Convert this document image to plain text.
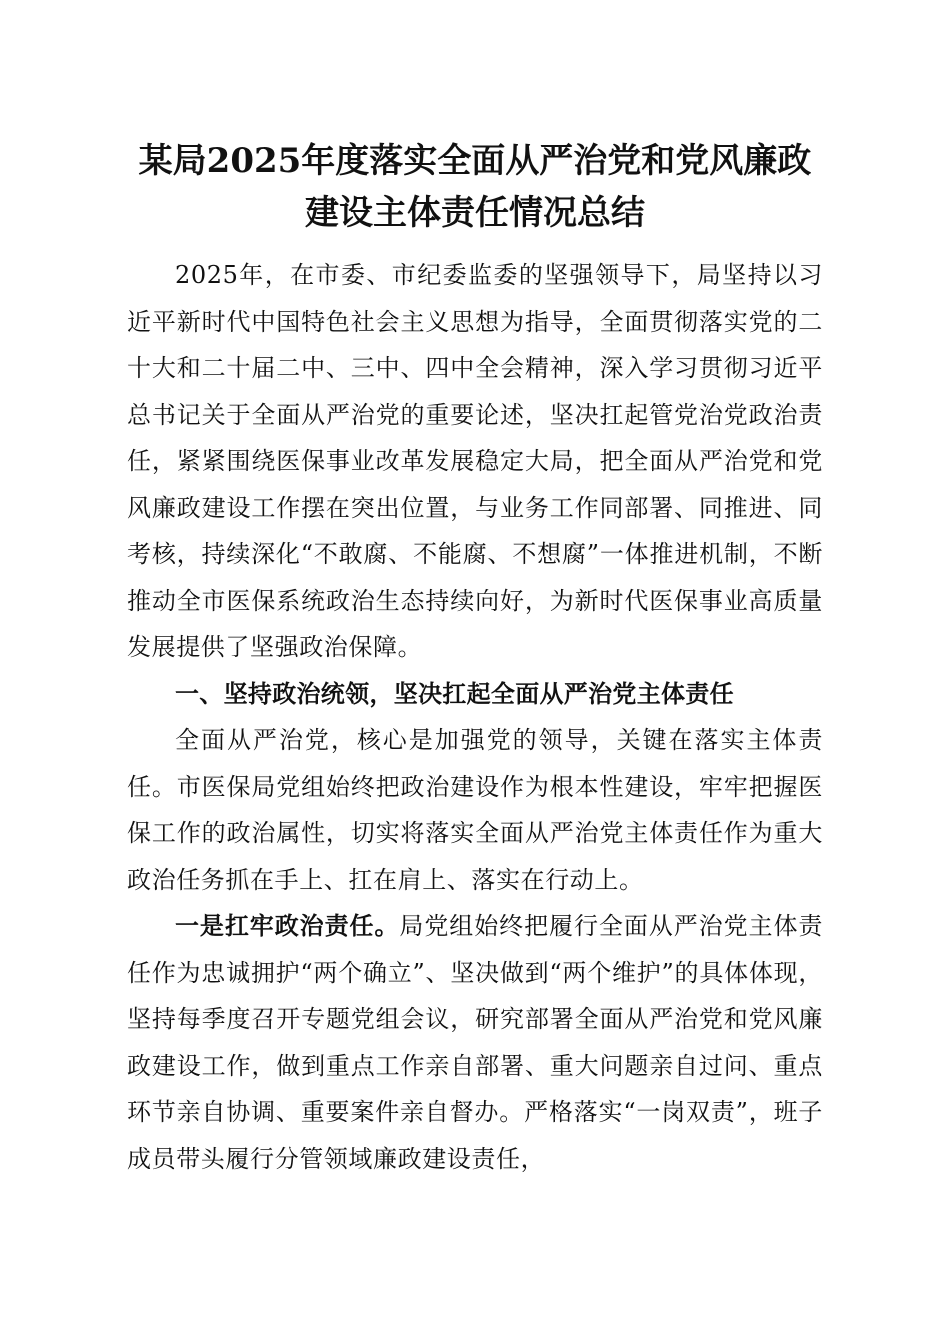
某局2025年度落实全面从严治党和党风廉政
建设主体责任情况总结

2025年，在市委、市纪委监委的坚强领导下，局坚持以习近平新时代中国特色社会主义思想为指导，全面贯彻落实党的二十大和二十届二中、三中、四中全会精神，深入学习贯彻习近平总书记关于全面从严治党的重要论述，坚决扛起管党治党政治责任，紧紧围绕医保事业改革发展稳定大局，把全面从严治党和党风廉政建设工作摆在突出位置，与业务工作同部署、同推进、同考核，持续深化“不敢腐、不能腐、不想腐”一体推进机制，不断推动全市医保系统政治生态持续向好，为新时代医保事业高质量发展提供了坚强政治保障。

一、坚持政治统领，坚决扛起全面从严治党主体责任

全面从严治党，核心是加强党的领导，关键在落实主体责任。市医保局党组始终把政治建设作为根本性建设，牢牢把握医保工作的政治属性，切实将落实全面从严治党主体责任作为重大政治任务抓在手上、扛在肩上、落实在行动上。

一是扛牢政治责任。局党组始终把履行全面从严治党主体责任作为忠诚拥护“两个确立”、坚决做到“两个维护”的具体体现，坚持每季度召开专题党组会议，研究部署全面从严治党和党风廉政建设工作，做到重点工作亲自部署、重大问题亲自过问、重点环节亲自协调、重要案件亲自督办。严格落实“一岗双责”，班子成员带头履行分管领域廉政建设责任，
